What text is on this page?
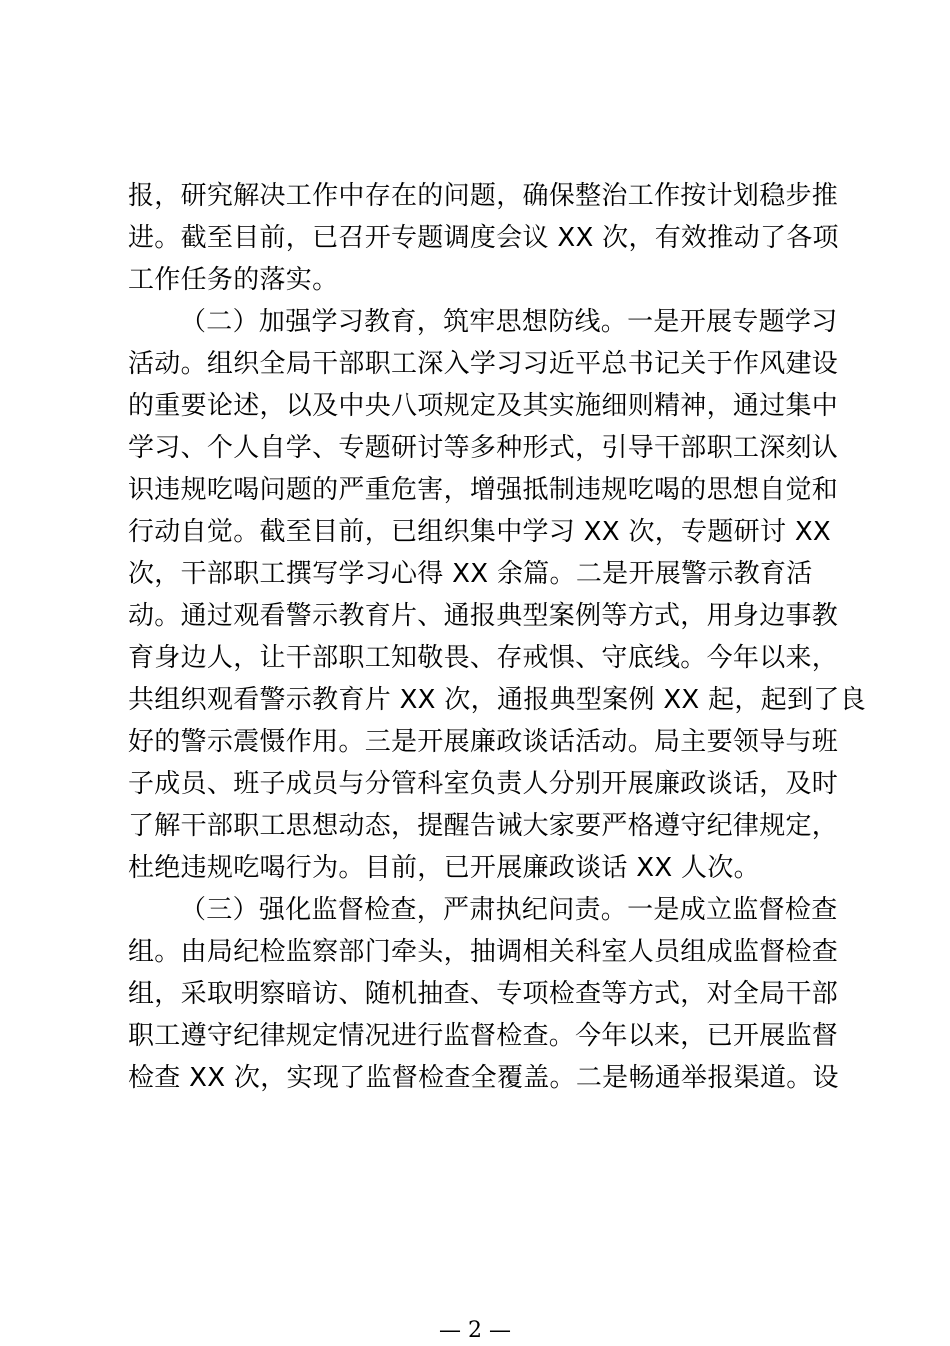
报，研究解决工作中存在的问题，确保整治工作按计划稳步推
进。截至目前，已召开专题调度会议 XX 次，有效推动了各项
工作任务的落实。
（二）加强学习教育，筑牢思想防线。一是开展专题学习
活动。组织全局干部职工深入学习习近平总书记关于作风建设
的重要论述，以及中央八项规定及其实施细则精神，通过集中
学习、个人自学、专题研讨等多种形式，引导干部职工深刻认
识违规吃喝问题的严重危害，增强抵制违规吃喝的思想自觉和
行动自觉。截至目前，已组织集中学习 XX 次，专题研讨 XX
次，干部职工撰写学习心得 XX 余篇。二是开展警示教育活
动。通过观看警示教育片、通报典型案例等方式，用身边事教
育身边人，让干部职工知敬畏、存戒惧、守底线。今年以来，
共组织观看警示教育片 XX 次，通报典型案例 XX 起，起到了良
好的警示震慑作用。三是开展廉政谈话活动。局主要领导与班
子成员、班子成员与分管科室负责人分别开展廉政谈话，及时
了解干部职工思想动态，提醒告诫大家要严格遵守纪律规定，
杜绝违规吃喝行为。目前，已开展廉政谈话 XX 人次。
（三）强化监督检查，严肃执纪问责。一是成立监督检查
组。由局纪检监察部门牵头，抽调相关科室人员组成监督检查
组，采取明察暗访、随机抽查、专项检查等方式，对全局干部
职工遵守纪律规定情况进行监督检查。今年以来，已开展监督
检查 XX 次，实现了监督检查全覆盖。二是畅通举报渠道。设
— 2 —
